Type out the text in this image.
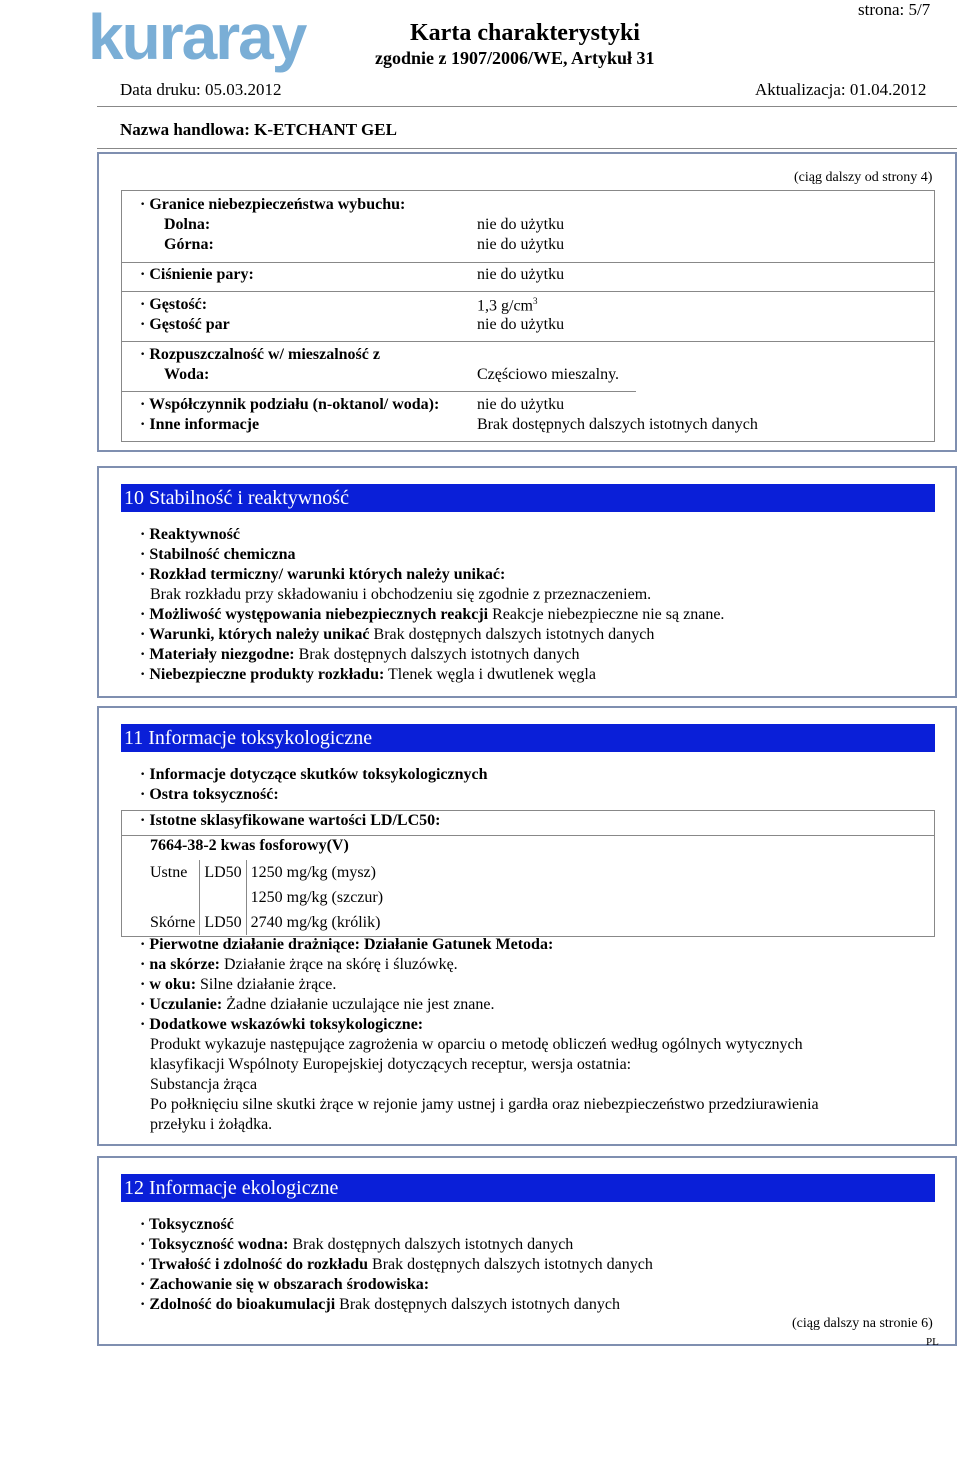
kuraray	Karta charakterystyki
zgodnie z 1907/2006/WE, Artykuł 31
strona: 5/7
Data druku: 05.03.2012	Aktualizacja: 01.04.2012
Nazwa handlowa: K-ETCHANT GEL
(ciąg dalszy od strony 4)
· Granice niebezpieczeństwa wybuchu:
Dolna:	nie do użytku
Górna:	nie do użytku
· Ciśnienie pary:	nie do użytku
· Gęstość:	1,3 $g/cm^3$
· Gęstość par	nie do użytku
· Rozpuszczalność w/ mieszalność z
Woda:	Częściowo mieszalny.
· Współczynnik podziału (n-oktanol/ woda): nie do użytku
· Inne informacje	Brak dostępnych dalszych istotnych danych
10 Stabilność i reaktywność
· Reaktywność
· Stabilność chemiczna
· Rozkład termiczny/ warunki których należy unikać:
Brak rozkładu przy składowaniu i obchodzeniu się zgodnie z przeznaczeniem.
· Możliwość występowania niebezpiecznych reakcji Reakcje niebezpieczne nie są znane.
· Warunki, których należy unikać Brak dostępnych dalszych istotnych danych
· Materiały niezgodne: Brak dostępnych dalszych istotnych danych
· Niebezpieczne produkty rozkładu: Tlenek węgla i dwutlenek węgla
11 Informacje toksykologiczne
· Informacje dotyczące skutków toksykologicznych
· Ostra toksyczność:
· Istotne sklasyfikowane wartości LD/LC50:
7664-38-2 kwas fosforowy(V)
Ustne	LD50	1250 mg/kg (mysz)
		1250 mg/kg (szczur)
Skórne	LD50	2740 mg/kg (królik)
· Pierwotne działanie drażniące: Działanie Gatunek Metoda:
· na skórze: Działanie żrące na skórę i śluzówkę.
· w oku: Silne działanie żrące.
· Uczulanie: Żadne działanie uczulające nie jest znane.
· Dodatkowe wskazówki toksykologiczne:
Produkt wykazuje następujące zagrożenia w oparciu o metodę obliczeń według ogólnych wytycznych
klasyfikacji Wspólnoty Europejskiej dotyczących receptur, wersja ostatnia:
Substancja żrąca
Po połknięciu silne skutki żrące w rejonie jamy ustnej i gardła oraz niebezpieczeństwo przedziurawienia
przełyku i żołądka.
12 Informacje ekologiczne
· Toksyczność
· Toksyczność wodna: Brak dostępnych dalszych istotnych danych
· Trwałość i zdolność do rozkładu Brak dostępnych dalszych istotnych danych
· Zachowanie się w obszarach środowiska:
· Zdolność do bioakumulacji Brak dostępnych dalszych istotnych danych
(ciąg dalszy na stronie 6)
PL
